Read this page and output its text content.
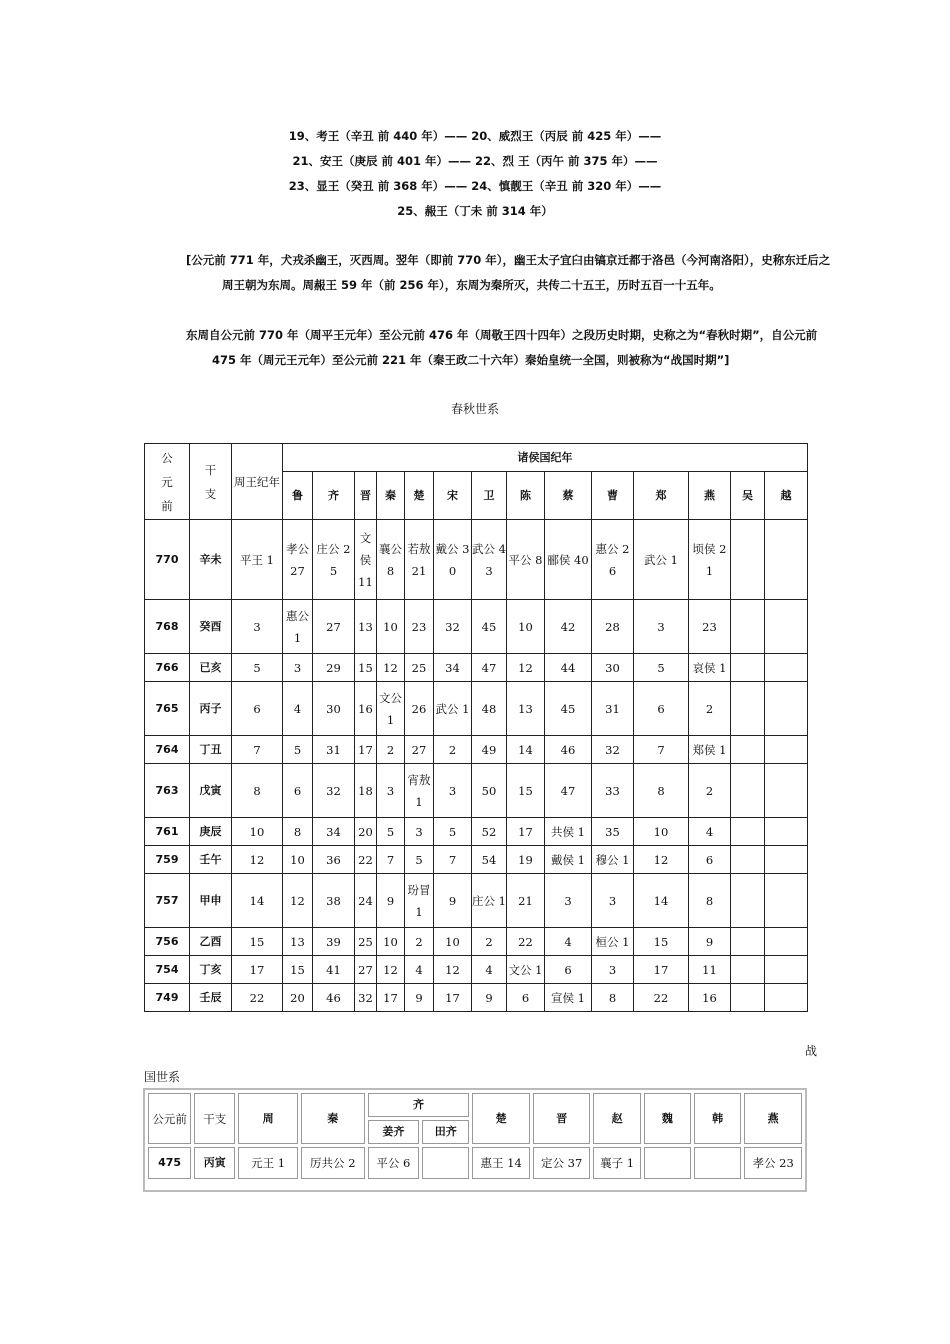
19、考王（辛丑 前 440 年）—— 20、威烈王（丙辰 前 425 年）——
21、安王（庚辰 前 401 年）—— 22、烈 王（丙午 前 375 年）——
23、显王（癸丑 前 368 年）—— 24、慎靓王（辛丑 前 320 年）——
25、赧王（丁未 前 314 年）
[公元前 771 年，犬戎杀幽王，灭西周。翌年（即前 770 年），幽王太子宜臼由镐京迁都于洛邑（今河南洛阳），史称东迁后之
周王朝为东周。周赧王 59 年（前 256 年），东周为秦所灭，共传二十五王，历时五百一十五年。
东周自公元前 770 年（周平王元年）至公元前 476 年（周敬王四十四年）之段历史时期，史称之为“春秋时期”，自公元前
475 年（周元王元年）至公元前 221 年（秦王政二十六年）秦始皇统一全国，则被称为“战国时期”]
春秋世系
公元前	干支	周王纪年	诸侯国纪年													
			鲁	齐	晋	秦	楚	宋	卫	陈	蔡	曹	郑	燕	吴	越
770	辛未	平王 1	孝公 27	庄公 25	文侯 11	襄公 8	若敖 21	戴公 30	武公 43	平公 8	郦侯 40	惠公 26	武公 1	顷侯 21		
768	癸酉	3	惠公 1	27	13	10	23	32	45	10	42	28	3	23		
766	已亥	5	3	29	15	12	25	34	47	12	44	30	5	哀侯 1		
765	丙子	6	4	30	16	文公 1	26	武公 1	48	13	45	31	6	2		
764	丁丑	7	5	31	17	2	27	2	49	14	46	32	7	郑侯 1		
763	戊寅	8	6	32	18	3	宵敖 1	3	50	15	47	33	8	2		
761	庚辰	10	8	34	20	5	3	5	52	17	共侯 1	35	10	4		
759	壬午	12	10	36	22	7	5	7	54	19	戴侯 1	穆公 1	12	6		
757	甲申	14	12	38	24	9	玢冒 1	9	庄公 1	21	3	3	14	8		
756	乙酉	15	13	39	25	10	2	10	2	22	4	桓公 1	15	9		
754	丁亥	17	15	41	27	12	4	12	4	文公 1	6	3	17	11		
749	壬辰	22	20	46	32	17	9	17	9	6	宣侯 1	8	22	16		
战
国世系
公元前	干支	周	秦	齐		楚	晋	赵	魏	韩	燕
				姜齐	田齐						
475	丙寅	元王 1	厉共公 2	平公 6		惠王 14	定公 37	襄子 1			孝公 23
